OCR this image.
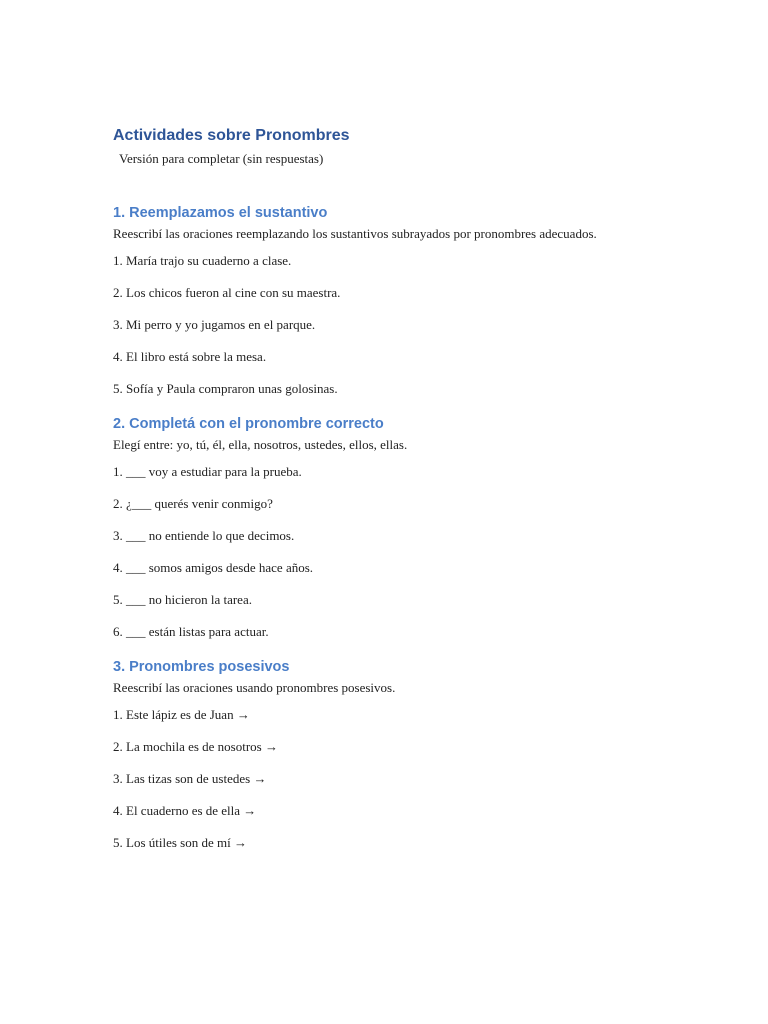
Actividades sobre Pronombres

Versión para completar (sin respuestas)

1. Reemplazamos el sustantivo

Reescribí las oraciones reemplazando los sustantivos subrayados por pronombres adecuados.

1. María trajo su cuaderno a clase.
2. Los chicos fueron al cine con su maestra.
3. Mi perro y yo jugamos en el parque.
4. El libro está sobre la mesa.
5. Sofía y Paula compraron unas golosinas.
2. Completá con el pronombre correcto

Elegí entre: yo, tú, él, ella, nosotros, ustedes, ellos, ellas.

1. ___ voy a estudiar para la prueba.
2. ¿___ querés venir conmigo?
3. ___ no entiende lo que decimos.
4. ___ somos amigos desde hace años.
5. ___ no hicieron la tarea.
6. ___ están listas para actuar.
3. Pronombres posesivos

Reescribí las oraciones usando pronombres posesivos.

1. Este lápiz es de Juan →
2. La mochila es de nosotros →
3. Las tizas son de ustedes →
4. El cuaderno es de ella →
5. Los útiles son de mí →
